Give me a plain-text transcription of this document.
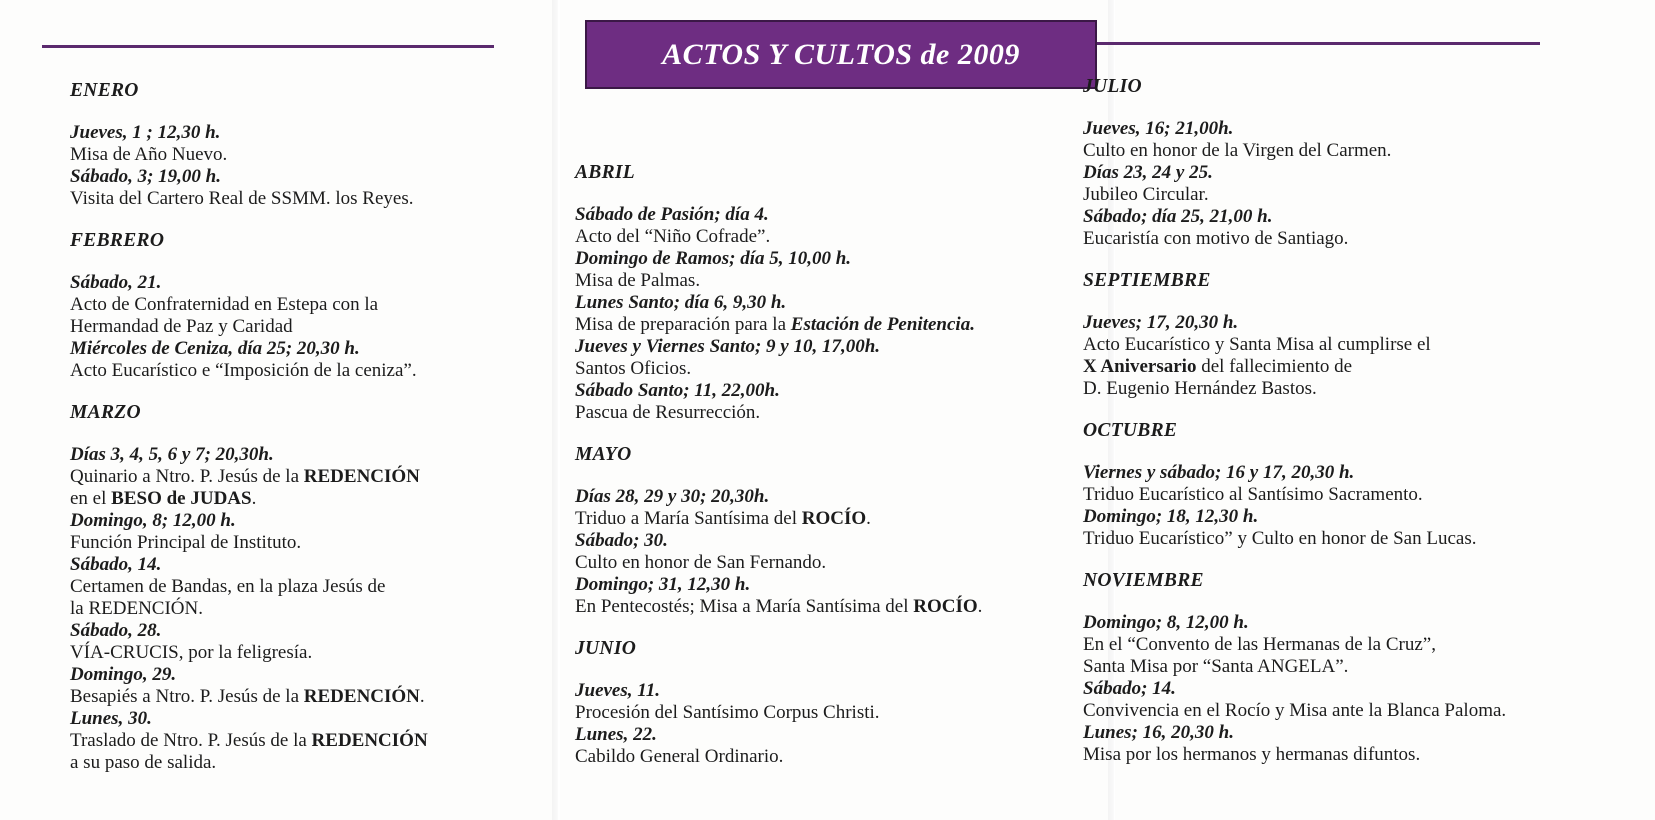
ACTOS Y CULTOS de 2009
ENERO
Jueves, 1 ; 12,30 h.
Misa de Año Nuevo.
Sábado, 3; 19,00 h.
Visita del Cartero Real de SSMM. los Reyes.
FEBRERO
Sábado, 21.
Acto de Confraternidad en Estepa con la
Hermandad de Paz y Caridad
Miércoles de Ceniza, día 25; 20,30 h.
Acto Eucarístico e “Imposición de la ceniza”.
MARZO
Días 3, 4, 5, 6 y 7; 20,30h.
Quinario a Ntro. P. Jesús de la REDENCIÓN
en el BESO de JUDAS.
Domingo, 8; 12,00 h.
Función Principal de Instituto.
Sábado, 14.
Certamen de Bandas, en la plaza Jesús de
la REDENCIÓN.
Sábado, 28.
VÍA-CRUCIS, por la feligresía.
Domingo, 29.
Besapiés a Ntro. P. Jesús de la REDENCIÓN.
Lunes, 30.
Traslado de Ntro. P. Jesús de la REDENCIÓN
a su paso de salida.
ABRIL
Sábado de Pasión; día 4.
Acto del “Niño Cofrade”.
Domingo de Ramos; día 5, 10,00 h.
Misa de Palmas.
Lunes Santo; día 6, 9,30 h.
Misa de preparación para la Estación de Penitencia.
Jueves y Viernes Santo; 9 y 10, 17,00h.
Santos Oficios.
Sábado Santo; 11, 22,00h.
Pascua de Resurrección.
MAYO
Días 28, 29 y 30; 20,30h.
Triduo a María Santísima del ROCÍO.
Sábado; 30.
Culto en honor de San Fernando.
Domingo; 31, 12,30 h.
En Pentecostés; Misa a María Santísima del ROCÍO.
JUNIO
Jueves, 11.
Procesión del Santísimo Corpus Christi.
Lunes, 22.
Cabildo General Ordinario.
JULIO
Jueves, 16; 21,00h.
Culto en honor de la Virgen del Carmen.
Días 23, 24 y 25.
Jubileo Circular.
Sábado; día 25, 21,00 h.
Eucaristía con motivo de Santiago.
SEPTIEMBRE
Jueves; 17, 20,30 h.
Acto Eucarístico y Santa Misa al cumplirse el
X Aniversario del fallecimiento de
D. Eugenio Hernández Bastos.
OCTUBRE
Viernes y sábado; 16 y 17, 20,30 h.
Triduo Eucarístico al Santísimo Sacramento.
Domingo; 18, 12,30 h.
Triduo Eucarístico” y Culto en honor de San Lucas.
NOVIEMBRE
Domingo; 8, 12,00 h.
En el “Convento de las Hermanas de la Cruz”,
Santa Misa por “Santa ANGELA”.
Sábado; 14.
Convivencia en el Rocío y Misa ante la Blanca Paloma.
Lunes; 16, 20,30 h.
Misa por los hermanos y hermanas difuntos.
